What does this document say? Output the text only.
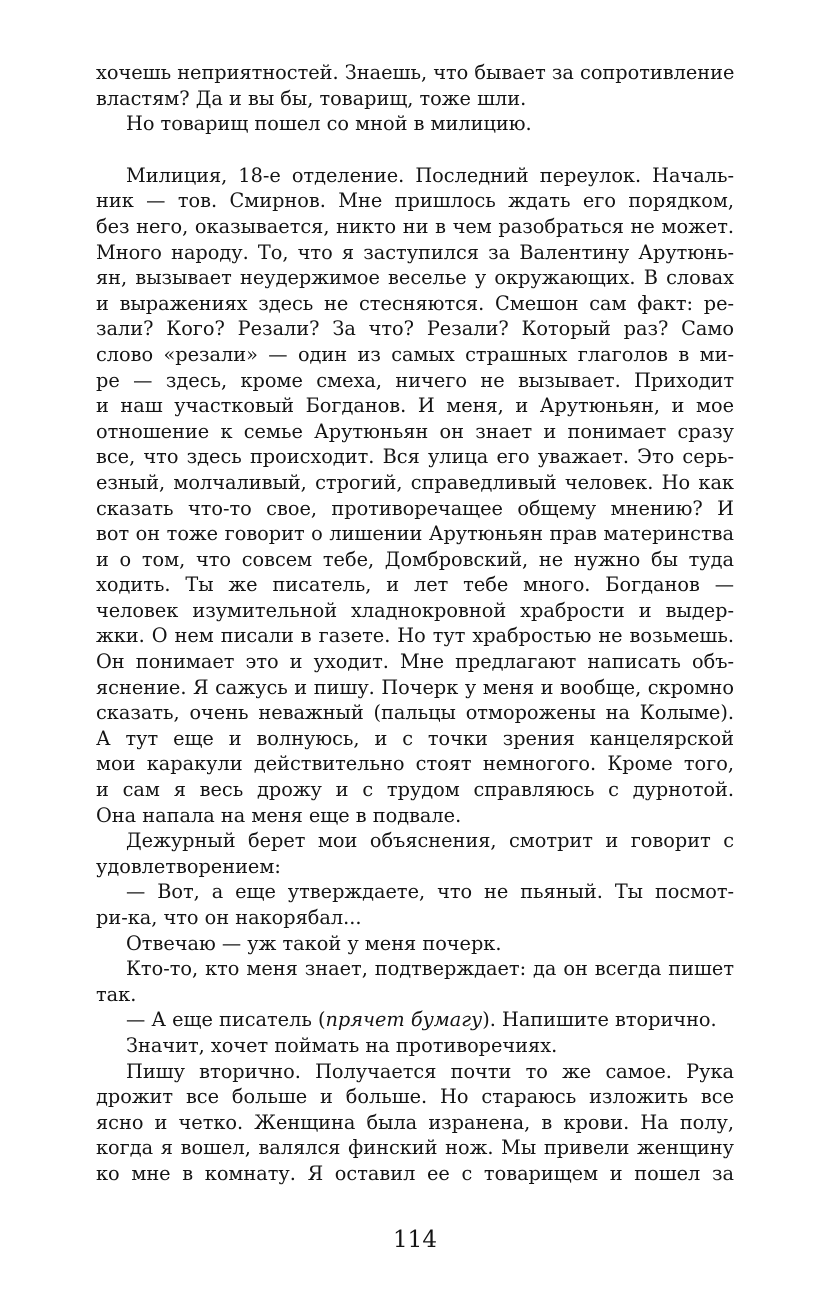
хочешь неприятностей. Знаешь, что бывает за сопротивление
властям? Да и вы бы, товарищ, тоже шли.

Но товарищ пошел со мной в милицию.

Милиция, 18-е отделение. Последний переулок. Началь-
ник — тов. Смирнов. Мне пришлось ждать его порядком,
без него, оказывается, никто ни в чем разобраться не может.
Много народу. То, что я заступился за Валентину Арутюнь-
ян, вызывает неудержимое веселье у окружающих. В словах
и выражениях здесь не стесняются. Смешон сам факт: ре-
зали? Кого? Резали? За что? Резали? Который раз? Само
слово «резали» — один из самых страшных глаголов в ми-
ре — здесь, кроме смеха, ничего не вызывает. Приходит
и наш участковый Богданов. И меня, и Арутюньян, и мое
отношение к семье Арутюньян он знает и понимает сразу
все, что здесь происходит. Вся улица его уважает. Это серь-
езный, молчаливый, строгий, справедливый человек. Но как
сказать что-то свое, противоречащее общему мнению? И
вот он тоже говорит о лишении Арутюньян прав материнства
и о том, что совсем тебе, Домбровский, не нужно бы туда
ходить. Ты же писатель, и лет тебе много. Богданов —
человек изумительной хладнокровной храбрости и выдер-
жки. О нем писали в газете. Но тут храбростью не возьмешь.
Он понимает это и уходит. Мне предлагают написать объ-
яснение. Я сажусь и пишу. Почерк у меня и вообще, скромно
сказать, очень неважный (пальцы отморожены на Колыме).
А тут еще и волнуюсь, и с точки зрения канцелярской
мои каракули действительно стоят немногого. Кроме того,
и сам я весь дрожу и с трудом справляюсь с дурнотой.
Она напала на меня еще в подвале.

Дежурный берет мои объяснения, смотрит и говорит с
удовлетворением:

— Вот, а еще утверждаете, что не пьяный. Ты посмот-
ри-ка, что он накорябал...

Отвечаю — уж такой у меня почерк.

Кто-то, кто меня знает, подтверждает: да он всегда пишет
так.

— А еще писатель (прячет бумагу). Напишите вторично.

Значит, хочет поймать на противоречиях.

Пишу вторично. Получается почти то же самое. Рука
дрожит все больше и больше. Но стараюсь изложить все
ясно и четко. Женщина была изранена, в крови. На полу,
когда я вошел, валялся финский нож. Мы привели женщину
ко мне в комнату. Я оставил ее с товарищем и пошел за

114
